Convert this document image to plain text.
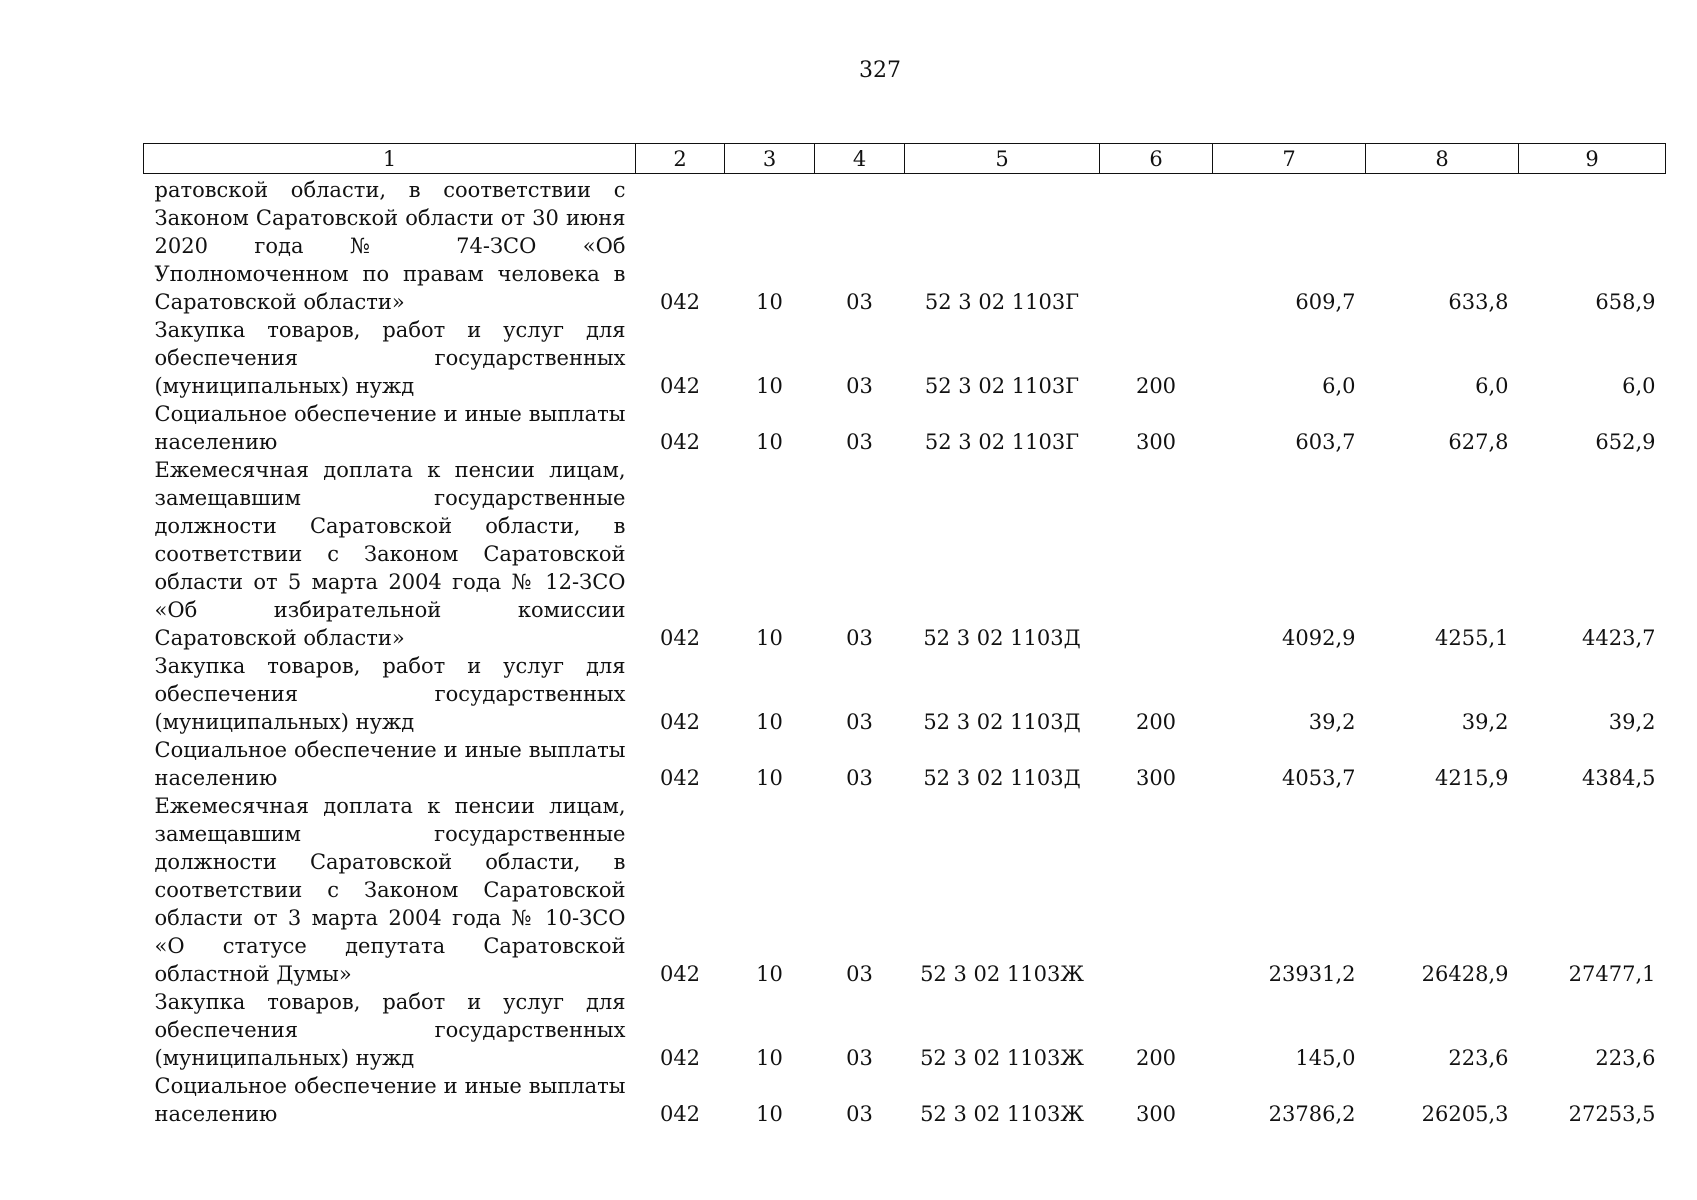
327
1	2	3	4	5	6	7	8	9
ратовской области, в соответствии с Законом Саратовской области от 30 июня 2020 года № 74-ЗСО «Об Уполномоченном по правам человека в Саратовской области»	042	10	03	52 3 02 1103Г		609,7	633,8	658,9
Закупка товаров, работ и услуг для обеспечения государственных (муниципальных) нужд	042	10	03	52 3 02 1103Г	200	6,0	6,0	6,0
Социальное обеспечение и иные выплаты населению	042	10	03	52 3 02 1103Г	300	603,7	627,8	652,9
Ежемесячная доплата к пенсии лицам, замещавшим государственные должности Саратовской области, в соответствии с Законом Саратовской области от 5 марта 2004 года № 12-ЗСО «Об избирательной комиссии Саратовской области»	042	10	03	52 3 02 1103Д		4092,9	4255,1	4423,7
Закупка товаров, работ и услуг для обеспечения государственных (муниципальных) нужд	042	10	03	52 3 02 1103Д	200	39,2	39,2	39,2
Социальное обеспечение и иные выплаты населению	042	10	03	52 3 02 1103Д	300	4053,7	4215,9	4384,5
Ежемесячная доплата к пенсии лицам, замещавшим государственные должности Саратовской области, в соответствии с Законом Саратовской области от 3 марта 2004 года № 10-ЗСО «О статусе депутата Саратовской областной Думы»	042	10	03	52 3 02 1103Ж		23931,2	26428,9	27477,1
Закупка товаров, работ и услуг для обеспечения государственных (муниципальных) нужд	042	10	03	52 3 02 1103Ж	200	145,0	223,6	223,6
Социальное обеспечение и иные выплаты населению	042	10	03	52 3 02 1103Ж	300	23786,2	26205,3	27253,5
